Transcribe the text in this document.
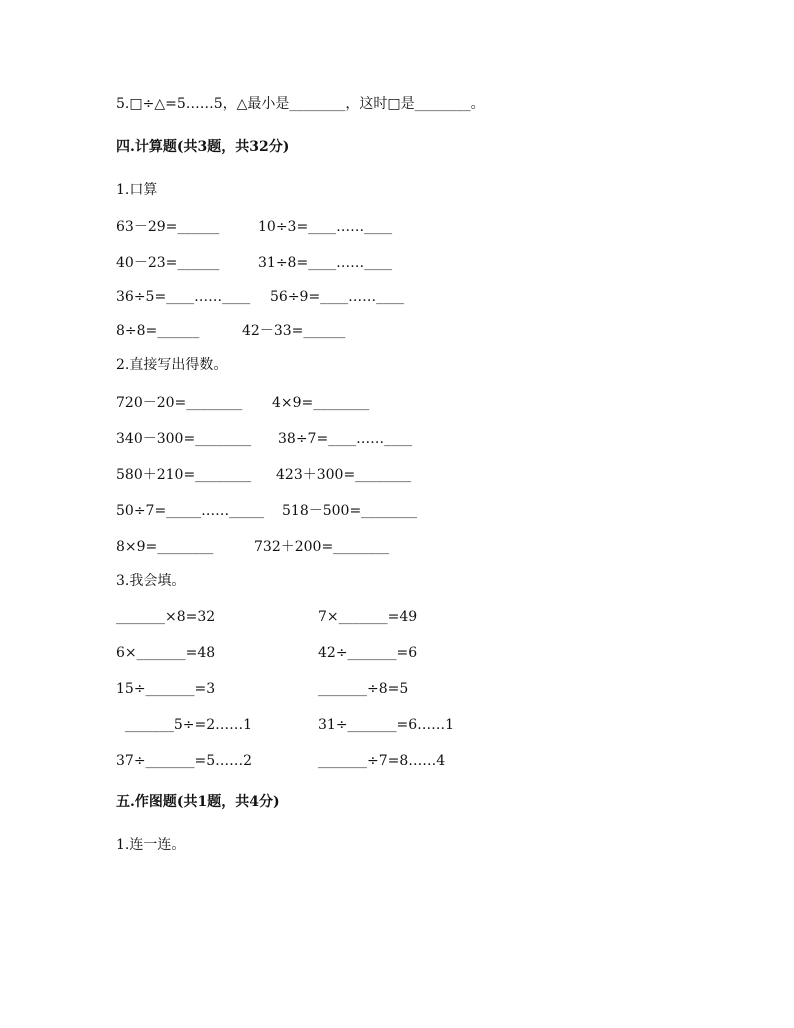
5.□÷△=5……5，△最小是________，这时□是________。
四.计算题(共3题，共32分)
1.口算
63－29=______	10÷3=____……____
40－23=______	31÷8=____……____
36÷5=____……____ 56÷9=____……____
8÷8=______	42－33=______
2.直接写出得数。
720－20=________ 4×9=________
340－300=________ 38÷7=____……____
580＋210=________ 423＋300=________
50÷7=_____……_____ 518－500=________
8×9=________	732＋200=________
3.我会填。
_______×8=32	7×_______=49
6×_______=48	42÷_______=6
15÷_______=3	_______÷8=5
_______5÷=2……1	31÷_______=6……1
37÷_______=5……2	_______÷7=8……4
五.作图题(共1题，共4分)
1.连一连。
